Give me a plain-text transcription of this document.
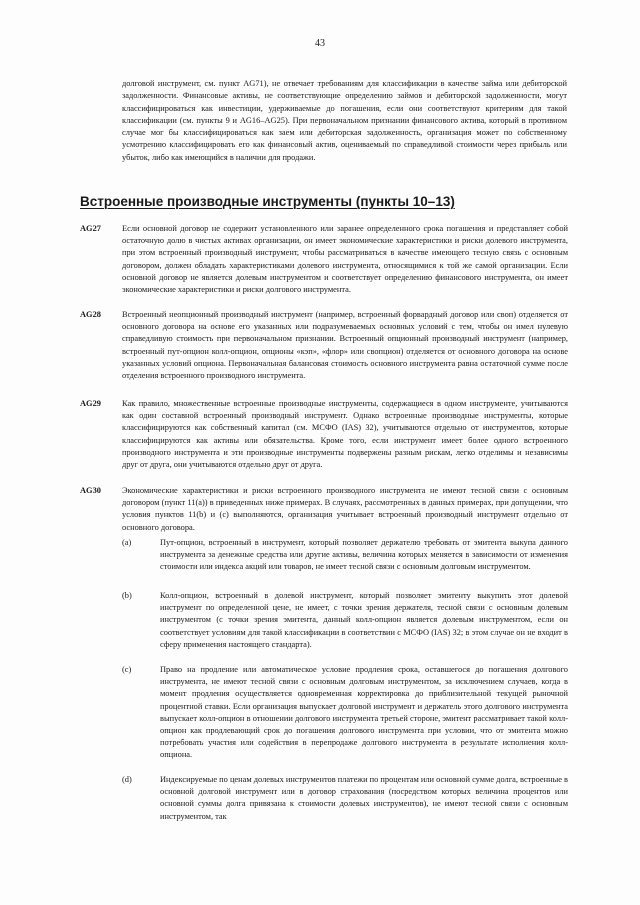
43
долговой инструмент, см. пункт AG71), не отвечает требованиям для классификации в качестве займа или дебиторской задолженности. Финансовые активы, не соответствующие определению займов и дебиторской задолженности, могут классифицироваться как инвестиции, удерживаемые до погашения, если они соответствуют критериям для такой классификации (см. пункты 9 и AG16–AG25). При первоначальном признании финансового актива, который в противном случае мог бы классифицироваться как заем или дебиторская задолженность, организация может по собственному усмотрению классифицировать его как финансовый актив, оцениваемый по справедливой стоимости через прибыль или убыток, либо как имеющийся в наличии для продажи.
Встроенные производные инструменты (пункты 10–13)
AG27	Если основной договор не содержит установленного или заранее определенного срока погашения и представляет собой остаточную долю в чистых активах организации, он имеет экономические характеристики и риски долевого инструмента, при этом встроенный производный инструмент, чтобы рассматриваться в качестве имеющего тесную связь с основным договором, должен обладать характеристиками долевого инструмента, относящимися к той же самой организации. Если основной договор не является долевым инструментом и соответствует определению финансового инструмента, он имеет экономические характеристики и риски долгового инструмента.
AG28	Встроенный неопционный производный инструмент (например, встроенный форвардный договор или своп) отделяется от основного договора на основе его указанных или подразумеваемых основных условий с тем, чтобы он имел нулевую справедливую стоимость при первоначальном признании. Встроенный опционный производный инструмент (например, встроенный пут-опцион колл-опцион, опционы «кэп», «флор» или свопцион) отделяется от основного договора на основе указанных условий опциона. Первоначальная балансовая стоимость основного инструмента равна остаточной сумме после отделения встроенного производного инструмента.
AG29	Как правило, множественные встроенные производные инструменты, содержащиеся в одном инструменте, учитываются как один составной встроенный производный инструмент. Однако встроенные производные инструменты, которые классифицируются как собственный капитал (см. МСФО (IAS) 32), учитываются отдельно от инструментов, которые классифицируются как активы или обязательства. Кроме того, если инструмент имеет более одного встроенного производного инструмента и эти производные инструменты подвержены разным рискам, легко отделимы и независимы друг от друга, они учитываются отдельно друг от друга.
AG30	Экономические характеристики и риски встроенного производного инструмента не имеют тесной связи с основным договором (пункт 11(а)) в приведенных ниже примерах. В случаях, рассмотренных в данных примерах, при допущении, что условия пунктов 11(b) и (c) выполняются, организация учитывает встроенный производный инструмент отдельно от основного договора.
(a)	Пут-опцион, встроенный в инструмент, который позволяет держателю требовать от эмитента выкупа данного инструмента за денежные средства или другие активы, величина которых меняется в зависимости от изменения стоимости или индекса акций или товаров, не имеет тесной связи с основным долговым инструментом.
(b)	Колл-опцион, встроенный в долевой инструмент, который позволяет эмитенту выкупить этот долевой инструмент по определенной цене, не имеет, с точки зрения держателя, тесной связи с основным долевым инструментом (с точки зрения эмитента, данный колл-опцион является долевым инструментом, если он соответствует условиям для такой классификации в соответствии с МСФО (IAS) 32; в этом случае он не входит в сферу применения настоящего стандарта).
(c)	Право на продление или автоматическое условие продления срока, оставшегося до погашения долгового инструмента, не имеют тесной связи с основным долговым инструментом, за исключением случаев, когда в момент продления осуществляется одновременная корректировка до приблизительной текущей рыночной процентной ставки. Если организация выпускает долговой инструмент и держатель этого долгового инструмента выпускает колл-опцион в отношении долгового инструмента третьей стороне, эмитент рассматривает такой колл-опцион как продлевающий срок до погашения долгового инструмента при условии, что от эмитента можно потребовать участия или содействия в перепродаже долгового инструмента в результате исполнения колл-опциона.
(d)	Индексируемые по ценам долевых инструментов платежи по процентам или основной сумме долга, встроенные в основной долговой инструмент или в договор страхования (посредством которых величина процентов или основной суммы долга привязана к стоимости долевых инструментов), не имеют тесной связи с основным инструментом, так
